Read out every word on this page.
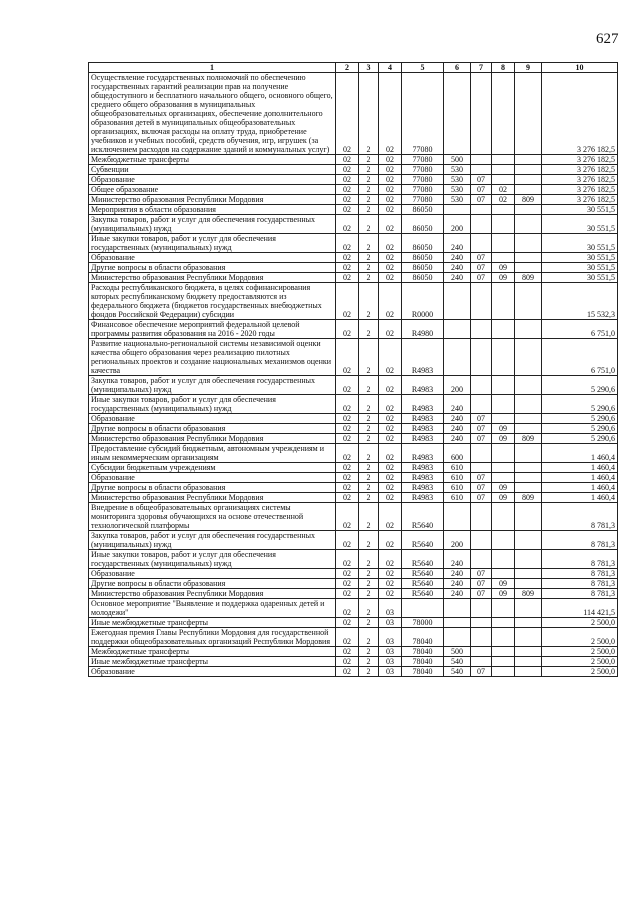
627
1	2	3	4	5	6	7	8	9	10
Осуществление государственных полномочий по обеспечению государственных гарантий реализации прав на получение общедоступного и бесплатного начального общего, основного общего, среднего общего образования в муниципальных общеобразовательных организациях, обеспечение дополнительного образования детей в муниципальных общеобразовательных организациях, включая расходы на оплату труда, приобретение учебников и учебных пособий, средств обучения, игр, игрушек (за исключением расходов на содержание зданий и коммунальных услуг)	02	2	02	77080					3 276 182,5
Межбюджетные трансферты	02	2	02	77080	500				3 276 182,5
Субвенции	02	2	02	77080	530				3 276 182,5
Образование	02	2	02	77080	530	07			3 276 182,5
Общее образование	02	2	02	77080	530	07	02		3 276 182,5
Министерство образования Республики Мордовия	02	2	02	77080	530	07	02	809	3 276 182,5
Мероприятия в области образования	02	2	02	86050					30 551,5
Закупка товаров, работ и услуг для обеспечения государственных (муниципальных) нужд	02	2	02	86050	200				30 551,5
Иные закупки товаров, работ и услуг для обеспечения государственных (муниципальных) нужд	02	2	02	86050	240				30 551,5
Образование	02	2	02	86050	240	07			30 551,5
Другие вопросы в области образования	02	2	02	86050	240	07	09		30 551,5
Министерство образования Республики Мордовия	02	2	02	86050	240	07	09	809	30 551,5
Расходы республиканского бюджета, в целях софинансирования которых республиканскому бюджету предоставляются из федерального бюджета (бюджетов государственных внебюджетных фондов Российской Федерации) субсидии	02	2	02	R0000					15 532,3
Финансовое обеспечение мероприятий федеральной целевой программы развития образования на 2016 - 2020 годы	02	2	02	R4980					6 751,0
Развитие национально-региональной системы независимой оценки качества общего образования через реализацию пилотных региональных проектов и создание национальных механизмов оценки качества	02	2	02	R4983					6 751,0
Закупка товаров, работ и услуг для обеспечения государственных (муниципальных) нужд	02	2	02	R4983	200				5 290,6
Иные закупки товаров, работ и услуг для обеспечения государственных (муниципальных) нужд	02	2	02	R4983	240				5 290,6
Образование	02	2	02	R4983	240	07			5 290,6
Другие вопросы в области образования	02	2	02	R4983	240	07	09		5 290,6
Министерство образования Республики Мордовия	02	2	02	R4983	240	07	09	809	5 290,6
Предоставление субсидий бюджетным, автономным учреждениям и иным некоммерческим организациям	02	2	02	R4983	600				1 460,4
Субсидии бюджетным учреждениям	02	2	02	R4983	610				1 460,4
Образование	02	2	02	R4983	610	07			1 460,4
Другие вопросы в области образования	02	2	02	R4983	610	07	09		1 460,4
Министерство образования Республики Мордовия	02	2	02	R4983	610	07	09	809	1 460,4
Внедрение в общеобразовательных организациях системы мониторинга здоровья обучающихся на основе отечественной технологической платформы	02	2	02	R5640					8 781,3
Закупка товаров, работ и услуг для обеспечения государственных (муниципальных) нужд	02	2	02	R5640	200				8 781,3
Иные закупки товаров, работ и услуг для обеспечения государственных (муниципальных) нужд	02	2	02	R5640	240				8 781,3
Образование	02	2	02	R5640	240	07			8 781,3
Другие вопросы в области образования	02	2	02	R5640	240	07	09		8 781,3
Министерство образования Республики Мордовия	02	2	02	R5640	240	07	09	809	8 781,3
Основное мероприятие "Выявление и поддержка одаренных детей и молодежи"	02	2	03						114 421,5
Иные межбюджетные трансферты	02	2	03	78000					2 500,0
Ежегодная премия Главы Республики Мордовия для государственной поддержки общеобразовательных организаций Республики Мордовия	02	2	03	78040					2 500,0
Межбюджетные трансферты	02	2	03	78040	500				2 500,0
Иные межбюджетные трансферты	02	2	03	78040	540				2 500,0
Образование	02	2	03	78040	540	07			2 500,0
